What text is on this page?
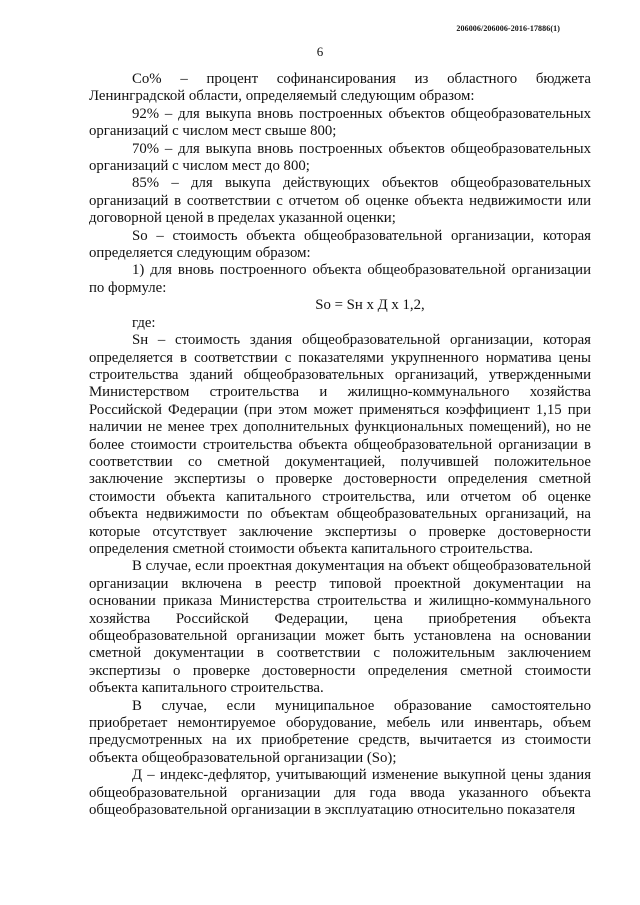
206006/206006-2016-17886(1)
6

Со% – процент софинансирования из областного бюджета Ленинградской области, определяемый следующим образом:

92% – для выкупа вновь построенных объектов общеобразовательных организаций с числом мест свыше 800;

70% – для выкупа вновь построенных объектов общеобразовательных организаций с числом мест до 800;

85% – для выкупа действующих объектов общеобразовательных организаций в соответствии с отчетом об оценке объекта недвижимости или договорной ценой в пределах указанной оценки;

Sо – стоимость объекта общеобразовательной организации, которая определяется следующим образом:

1) для вновь построенного объекта общеобразовательной организации по формуле:

Sо = Sн х Д х 1,2,

где:

Sн – стоимость здания общеобразовательной организации, которая определяется в соответствии с показателями укрупненного норматива цены строительства зданий общеобразовательных организаций, утвержденными Министерством строительства и жилищно-коммунального хозяйства Российской Федерации (при этом может применяться коэффициент 1,15 при наличии не менее трех дополнительных функциональных помещений), но не более стоимости строительства объекта общеобразовательной организации в соответствии со сметной документацией, получившей положительное заключение экспертизы о проверке достоверности определения сметной стоимости объекта капитального строительства, или отчетом об оценке объекта недвижимости по объектам общеобразовательных организаций, на которые отсутствует заключение экспертизы о проверке достоверности определения сметной стоимости объекта капитального строительства.

В случае, если проектная документация на объект общеобразовательной организации включена в реестр типовой проектной документации на основании приказа Министерства строительства и жилищно-коммунального хозяйства Российской Федерации, цена приобретения объекта общеобразовательной организации может быть установлена на основании сметной документации в соответствии с положительным заключением экспертизы о проверке достоверности определения сметной стоимости объекта капитального строительства.

В случае, если муниципальное образование самостоятельно приобретает немонтируемое оборудование, мебель или инвентарь, объем предусмотренных на их приобретение средств, вычитается из стоимости объекта общеобразовательной организации (Sо);

Д – индекс-дефлятор, учитывающий изменение выкупной цены здания общеобразовательной организации для года ввода указанного объекта общеобразовательной организации в эксплуатацию относительно показателя
